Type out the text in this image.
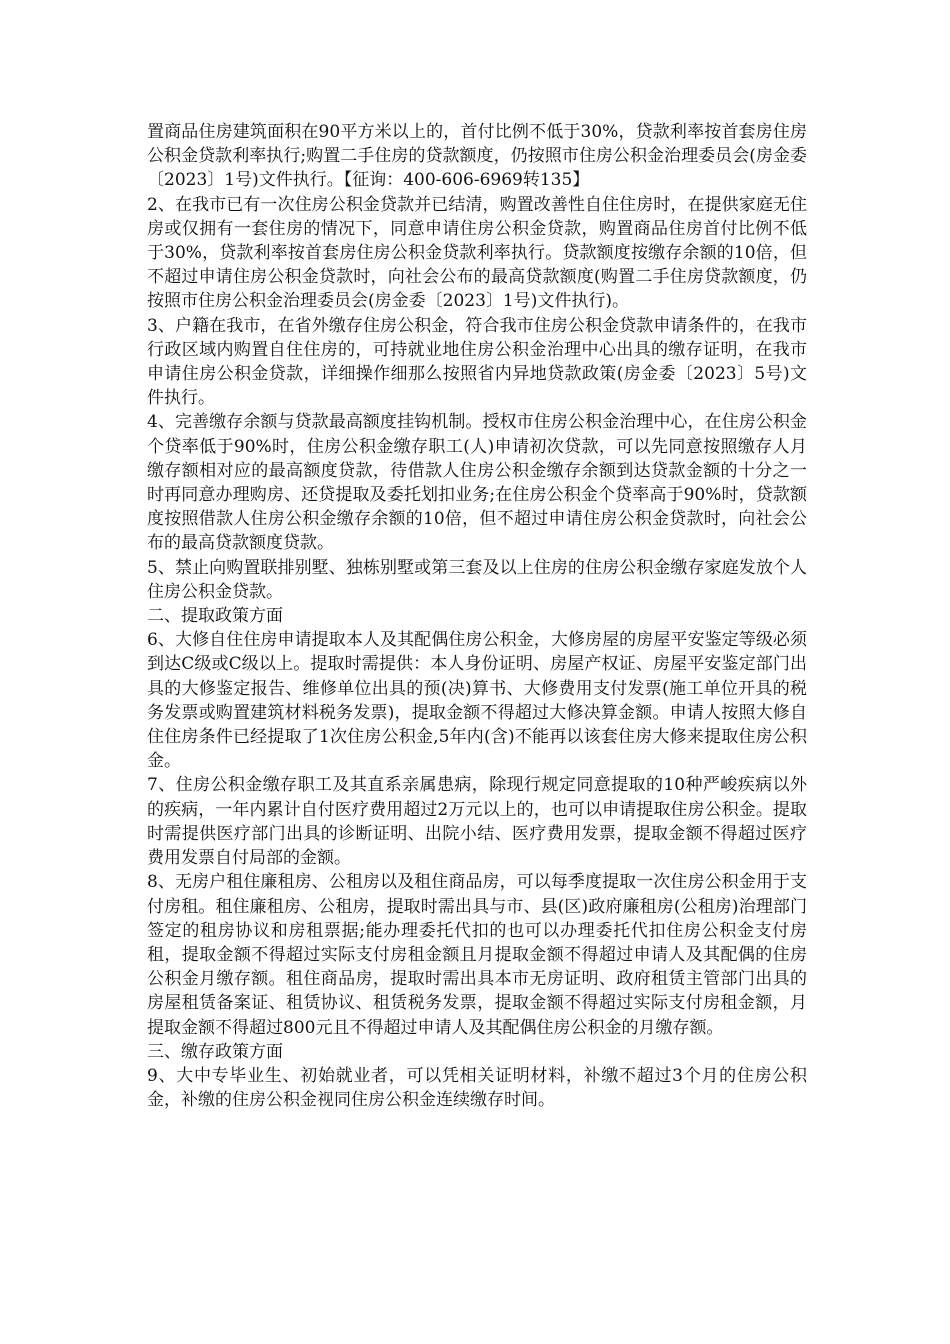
置商品住房建筑面积在90平方米以上的，首付比例不低于30%，贷款利率按首套房住房公积金贷款利率执行;购置二手住房的贷款额度，仍按照市住房公积金治理委员会(房金委〔2023〕1号)文件执行。【征询：400-606-6969转135】

2、在我市已有一次住房公积金贷款并已结清，购置改善性自住住房时，在提供家庭无住房或仅拥有一套住房的情况下，同意申请住房公积金贷款，购置商品住房首付比例不低于30%，贷款利率按首套房住房公积金贷款利率执行。贷款额度按缴存余额的10倍，但不超过申请住房公积金贷款时，向社会公布的最高贷款额度(购置二手住房贷款额度，仍按照市住房公积金治理委员会(房金委〔2023〕1号)文件执行)。

3、户籍在我市，在省外缴存住房公积金，符合我市住房公积金贷款申请条件的，在我市行政区域内购置自住住房的，可持就业地住房公积金治理中心出具的缴存证明，在我市申请住房公积金贷款，详细操作细那么按照省内异地贷款政策(房金委〔2023〕5号)文件执行。

4、完善缴存余额与贷款最高额度挂钩机制。授权市住房公积金治理中心，在住房公积金个贷率低于90%时，住房公积金缴存职工(人)申请初次贷款，可以先同意按照缴存人月缴存额相对应的最高额度贷款，待借款人住房公积金缴存余额到达贷款金额的十分之一时再同意办理购房、还贷提取及委托划扣业务;在住房公积金个贷率高于90%时，贷款额度按照借款人住房公积金缴存余额的10倍，但不超过申请住房公积金贷款时，向社会公布的最高贷款额度贷款。

5、禁止向购置联排别墅、独栋别墅或第三套及以上住房的住房公积金缴存家庭发放个人住房公积金贷款。

二、提取政策方面

6、大修自住住房申请提取本人及其配偶住房公积金，大修房屋的房屋平安鉴定等级必须到达C级或C级以上。提取时需提供：本人身份证明、房屋产权证、房屋平安鉴定部门出具的大修鉴定报告、维修单位出具的预(决)算书、大修费用支付发票(施工单位开具的税务发票或购置建筑材料税务发票)，提取金额不得超过大修决算金额。申请人按照大修自住住房条件已经提取了1次住房公积金,5年内(含)不能再以该套住房大修来提取住房公积金。

7、住房公积金缴存职工及其直系亲属患病，除现行规定同意提取的10种严峻疾病以外的疾病，一年内累计自付医疗费用超过2万元以上的，也可以申请提取住房公积金。提取时需提供医疗部门出具的诊断证明、出院小结、医疗费用发票，提取金额不得超过医疗费用发票自付局部的金额。

8、无房户租住廉租房、公租房以及租住商品房，可以每季度提取一次住房公积金用于支付房租。租住廉租房、公租房，提取时需出具与市、县(区)政府廉租房(公租房)治理部门签定的租房协议和房租票据;能办理委托代扣的也可以办理委托代扣住房公积金支付房租，提取金额不得超过实际支付房租金额且月提取金额不得超过申请人及其配偶的住房公积金月缴存额。租住商品房，提取时需出具本市无房证明、政府租赁主管部门出具的房屋租赁备案证、租赁协议、租赁税务发票，提取金额不得超过实际支付房租金额，月提取金额不得超过800元且不得超过申请人及其配偶住房公积金的月缴存额。

三、缴存政策方面

9、大中专毕业生、初始就业者，可以凭相关证明材料，补缴不超过3个月的住房公积金，补缴的住房公积金视同住房公积金连续缴存时间。
